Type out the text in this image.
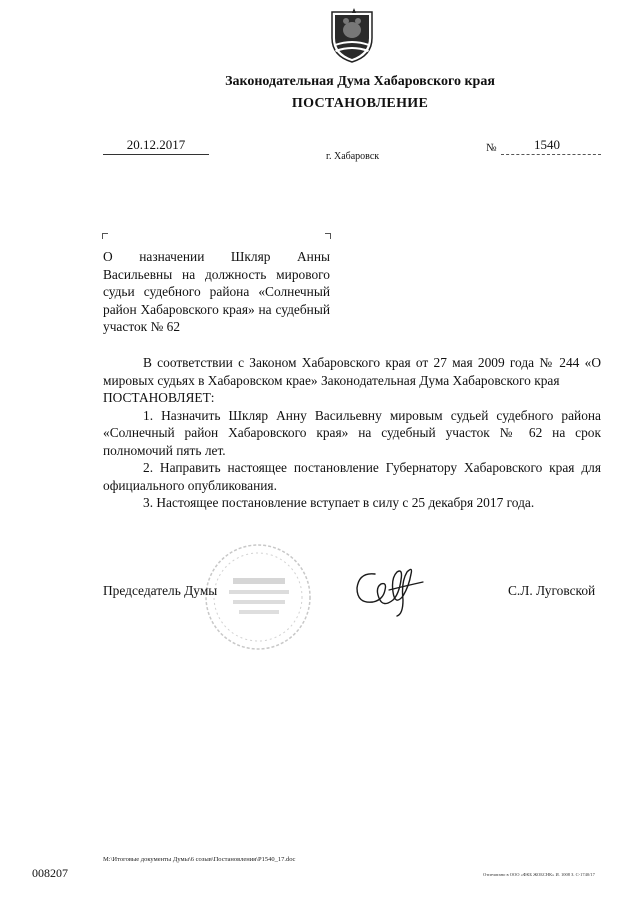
Законодательная Дума Хабаровского края
ПОСТАНОВЛЕНИЕ
20.12.2017	№	1540
г. Хабаровск
О назначении Шкляр Анны Васильевны на должность мирового судьи судебного района «Солнечный район Хабаровского края» на судебный участок № 62

В соответствии с Законом Хабаровского края от 27 мая 2009 года № 244 «О мировых судьях в Хабаровском крае» Законодательная Дума Хабаровского края

ПОСТАНОВЛЯЕТ:

1. Назначить Шкляр Анну Васильевну мировым судьей судебного района «Солнечный район Хабаровского края» на судебный участок № 62 на срок полномочий пять лет.

2. Направить настоящее постановление Губернатору Хабаровского края для официального опубликования.

3. Настоящее постановление вступает в силу с 25 декабря 2017 года.

Председатель Думы	С.Л. Луговской
М:\Итоговые документы Думы\6 созыв\Постановления\Р1540_17.doc
008207	Отпечатано в ООО «ФКБ ЖОБСНК» И. 1008 З. С-1740/17
